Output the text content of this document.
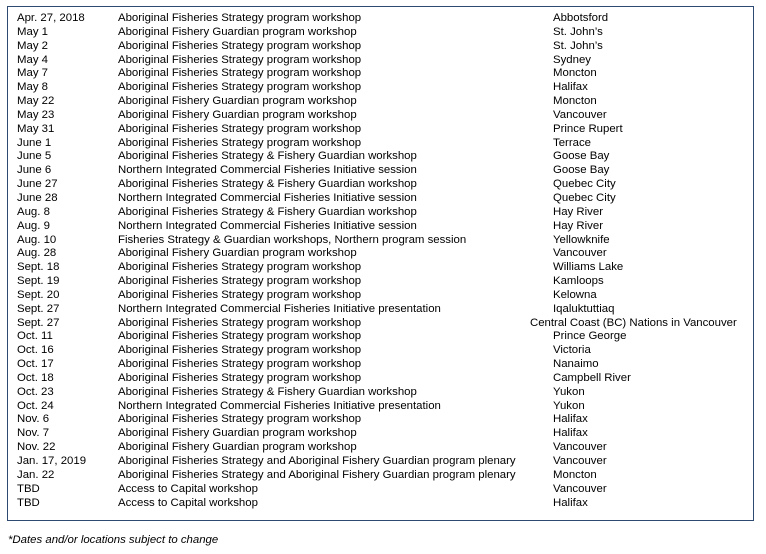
Apr. 27, 2018	Aboriginal Fisheries Strategy program workshop	Abbotsford
May 1	Aboriginal Fishery Guardian program workshop	St. John’s
May 2	Aboriginal Fisheries Strategy program workshop	St. John’s
May 4	Aboriginal Fisheries Strategy program workshop	Sydney
May 7	Aboriginal Fisheries Strategy program workshop	Moncton
May 8	Aboriginal Fisheries Strategy program workshop	Halifax
May 22	Aboriginal Fishery Guardian program workshop	Moncton
May 23	Aboriginal Fishery Guardian program workshop	Vancouver
May 31	Aboriginal Fisheries Strategy program workshop	Prince Rupert
June 1	Aboriginal Fisheries Strategy program workshop	Terrace
June 5	Aboriginal Fisheries Strategy & Fishery Guardian workshop	Goose Bay
June 6	Northern Integrated Commercial Fisheries Initiative session	Goose Bay
June 27	Aboriginal Fisheries Strategy & Fishery Guardian workshop	Quebec City
June 28	Northern Integrated Commercial Fisheries Initiative session	Quebec City
Aug. 8	Aboriginal Fisheries Strategy & Fishery Guardian workshop	Hay River
Aug. 9	Northern Integrated Commercial Fisheries Initiative session	Hay River
Aug. 10	Fisheries Strategy & Guardian workshops, Northern program session	Yellowknife
Aug. 28	Aboriginal Fishery Guardian program workshop	Vancouver
Sept. 18	Aboriginal Fisheries Strategy program workshop	Williams Lake
Sept. 19	Aboriginal Fisheries Strategy program workshop	Kamloops
Sept. 20	Aboriginal Fisheries Strategy program workshop	Kelowna
Sept. 27	Northern Integrated Commercial Fisheries Initiative presentation	Iqaluktuttiaq
Sept. 27	Aboriginal Fisheries Strategy program workshop	Central Coast (BC) Nations in Vancouver
Oct. 11	Aboriginal Fisheries Strategy program workshop	Prince George
Oct. 16	Aboriginal Fisheries Strategy program workshop	Victoria
Oct. 17	Aboriginal Fisheries Strategy program workshop	Nanaimo
Oct. 18	Aboriginal Fisheries Strategy program workshop	Campbell River
Oct. 23	Aboriginal Fisheries Strategy & Fishery Guardian workshop	Yukon
Oct. 24	Northern Integrated Commercial Fisheries Initiative presentation	Yukon
Nov. 6	Aboriginal Fisheries Strategy program workshop	Halifax
Nov. 7	Aboriginal Fishery Guardian program workshop	Halifax
Nov. 22	Aboriginal Fishery Guardian program workshop	Vancouver
Jan. 17, 2019	Aboriginal Fisheries Strategy and Aboriginal Fishery Guardian program plenary	Vancouver
Jan. 22	Aboriginal Fisheries Strategy and Aboriginal Fishery Guardian program plenary	Moncton
TBD	Access to Capital workshop	Vancouver
TBD	Access to Capital workshop	Halifax
*Dates and/or locations subject to change
